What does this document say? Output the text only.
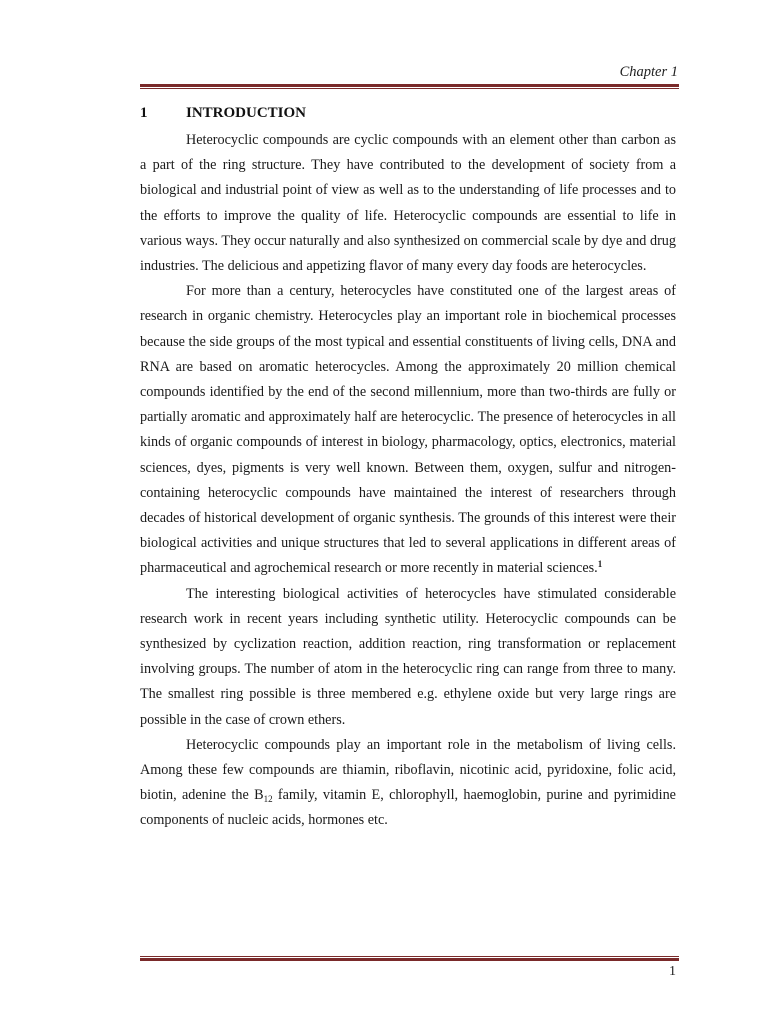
Chapter 1
1	INTRODUCTION

Heterocyclic compounds are cyclic compounds with an element other than carbon as a part of the ring structure. They have contributed to the development of society from a biological and industrial point of view as well as to the understanding of life processes and to the efforts to improve the quality of life. Heterocyclic compounds are essential to life in various ways. They occur naturally and also synthesized on commercial scale by dye and drug industries. The delicious and appetizing flavor of many every day foods are heterocycles.

For more than a century, heterocycles have constituted one of the largest areas of research in organic chemistry. Heterocycles play an important role in biochemical processes because the side groups of the most typical and essential constituents of living cells, DNA and RNA are based on aromatic heterocycles. Among the approximately 20 million chemical compounds identified by the end of the second millennium, more than two-thirds are fully or partially aromatic and approximately half are heterocyclic. The presence of heterocycles in all kinds of organic compounds of interest in biology, pharmacology, optics, electronics, material sciences, dyes, pigments is very well known. Between them, oxygen, sulfur and nitrogen-containing heterocyclic compounds have maintained the interest of researchers through decades of historical development of organic synthesis. The grounds of this interest were their biological activities and unique structures that led to several applications in different areas of pharmaceutical and agrochemical research or more recently in material sciences.$^1$

The interesting biological activities of heterocycles have stimulated considerable research work in recent years including synthetic utility. Heterocyclic compounds can be synthesized by cyclization reaction, addition reaction, ring transformation or replacement involving groups. The number of atom in the heterocyclic ring can range from three to many. The smallest ring possible is three membered e.g. ethylene oxide but very large rings are possible in the case of crown ethers.

Heterocyclic compounds play an important role in the metabolism of living cells. Among these few compounds are thiamin, riboflavin, nicotinic acid, pyridoxine, folic acid, biotin, adenine the $B_{12}$ family, vitamin E, chlorophyll, haemoglobin, purine and pyrimidine components of nucleic acids, hormones etc.

1
